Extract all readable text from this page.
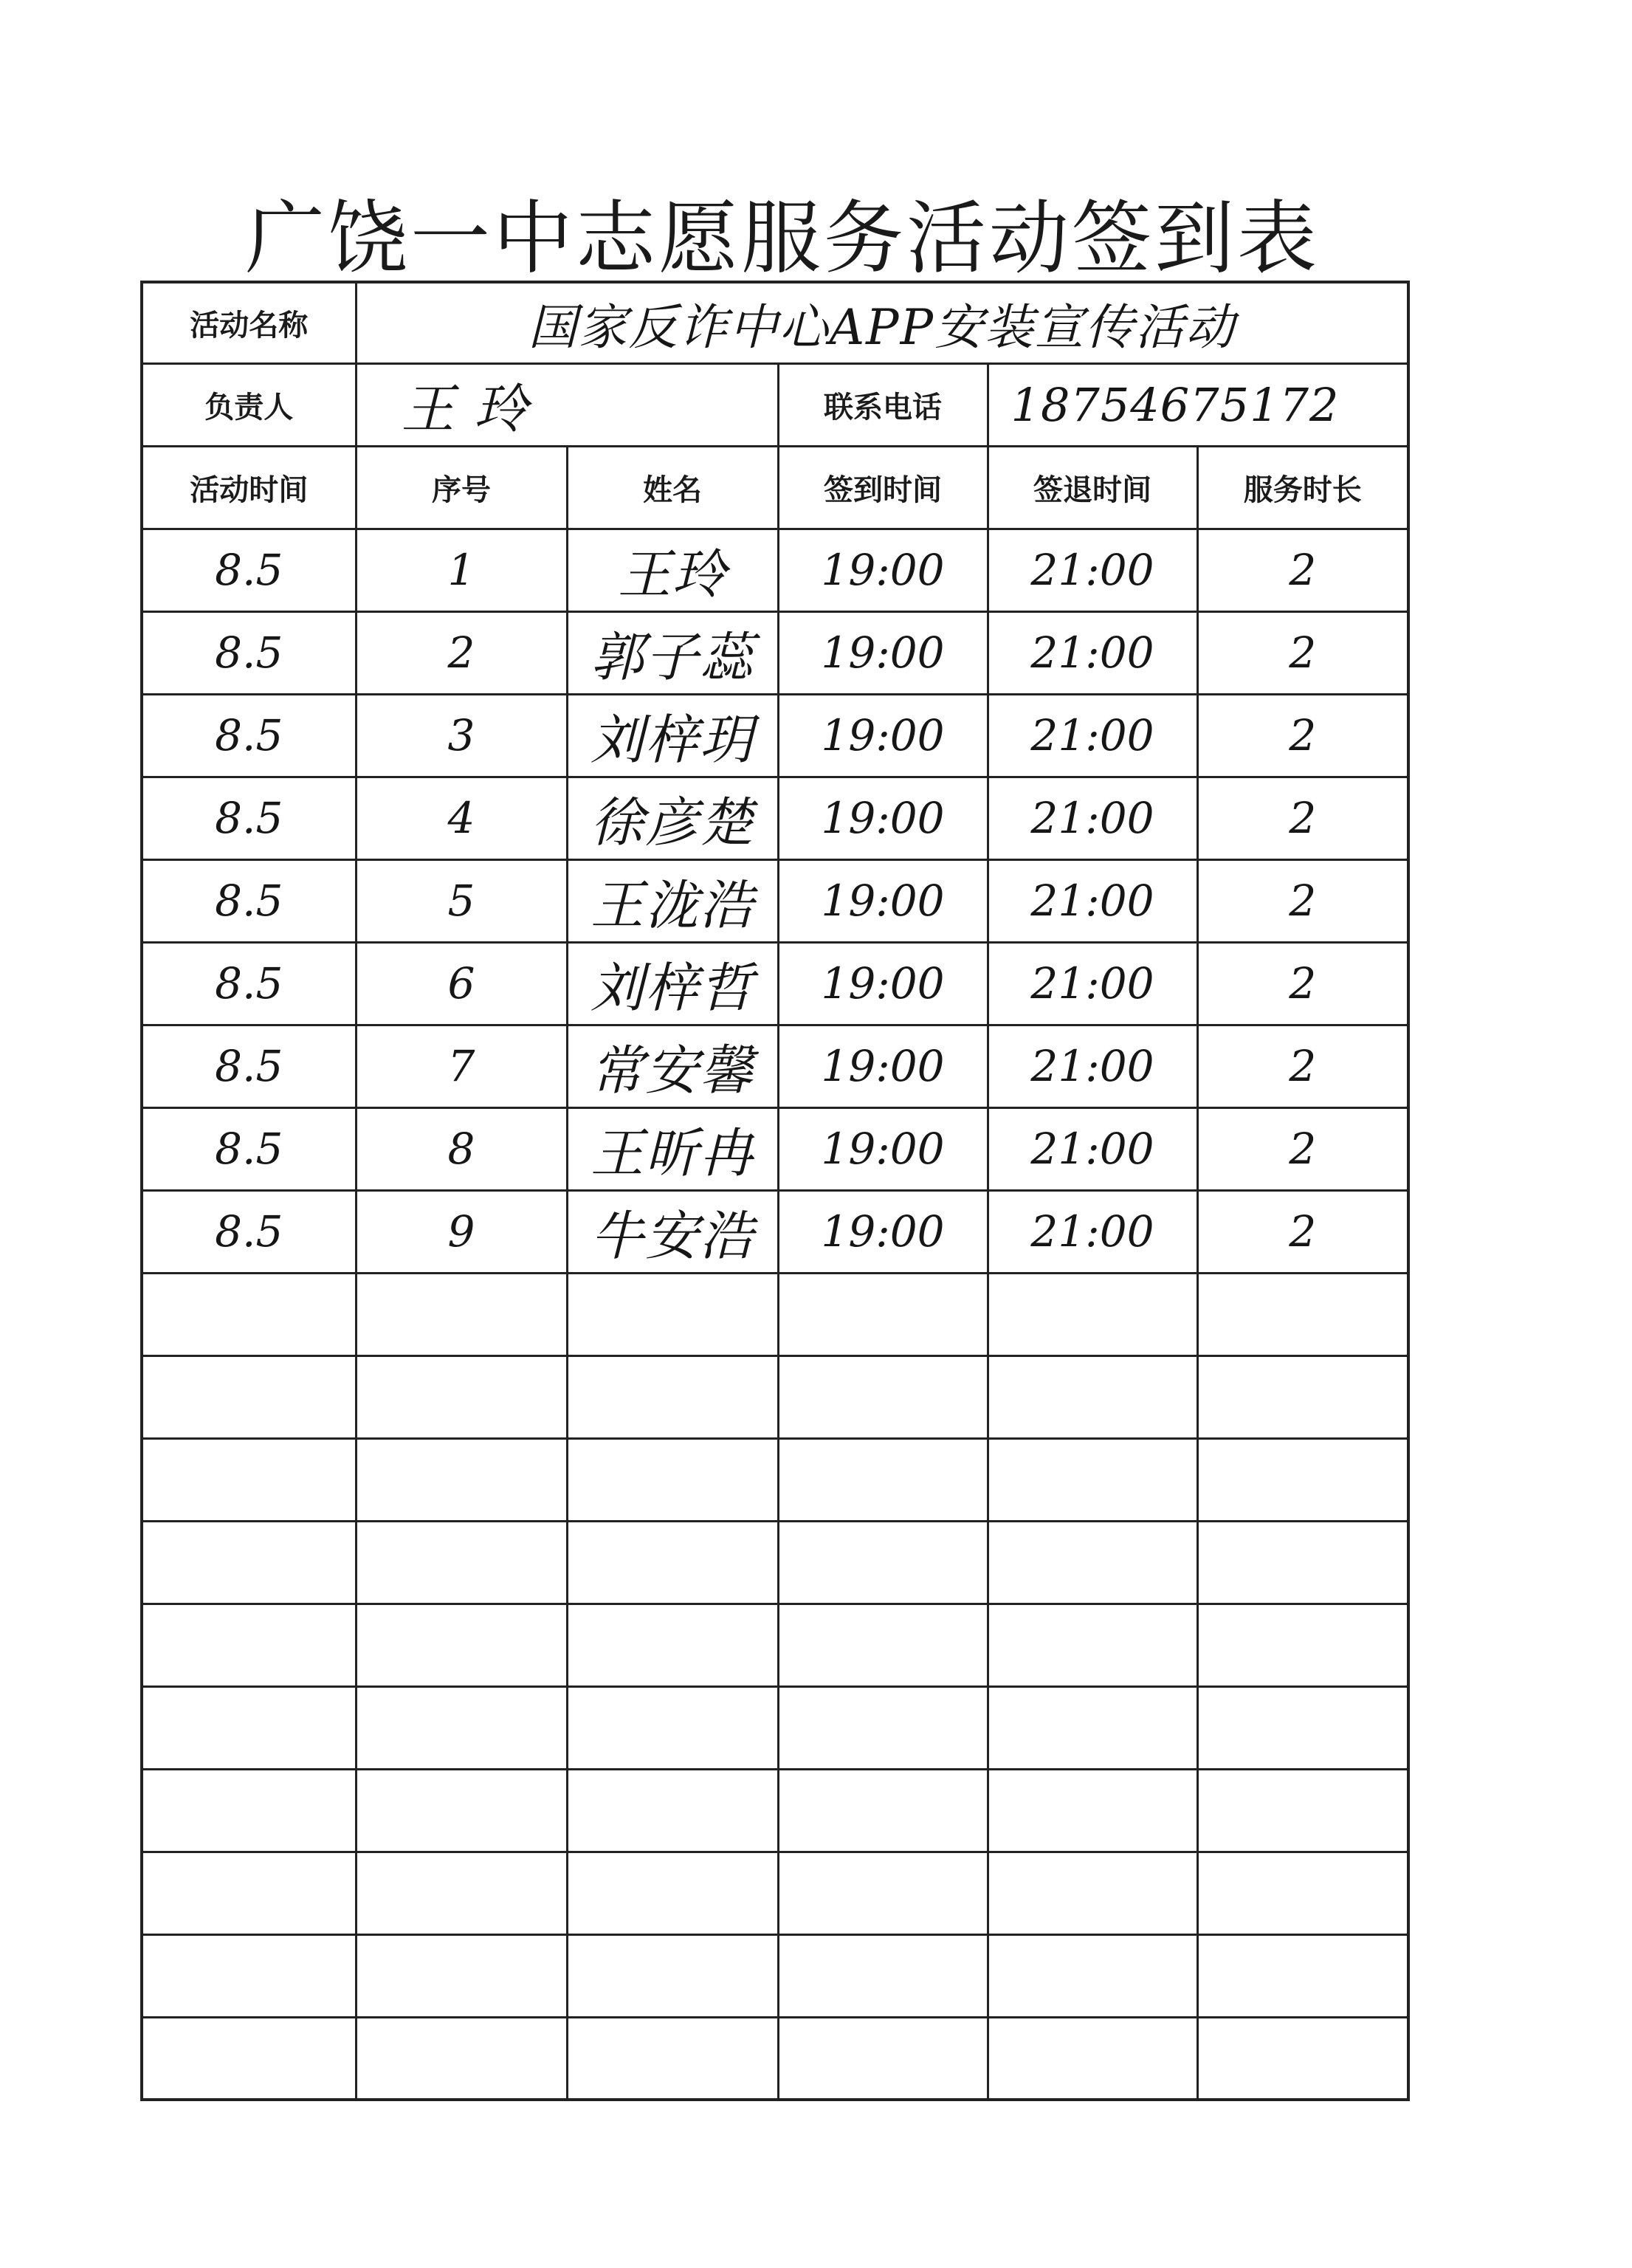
广饶一中志愿服务活动签到表
活动名称	国家反诈中心APP安装宣传活动				
负责人	王 玲		联系电话	18754675172	
活动时间	序号	姓名	签到时间	签退时间	服务时长
8.5	1	王玲	19:00	21:00	2
8.5	2	郭子蕊	19:00	21:00	2
8.5	3	刘梓玥	19:00	21:00	2
8.5	4	徐彦楚	19:00	21:00	2
8.5	5	王泷浩	19:00	21:00	2
8.5	6	刘梓哲	19:00	21:00	2
8.5	7	常安馨	19:00	21:00	2
8.5	8	王昕冉	19:00	21:00	2
8.5	9	牛安浩	19:00	21:00	2
